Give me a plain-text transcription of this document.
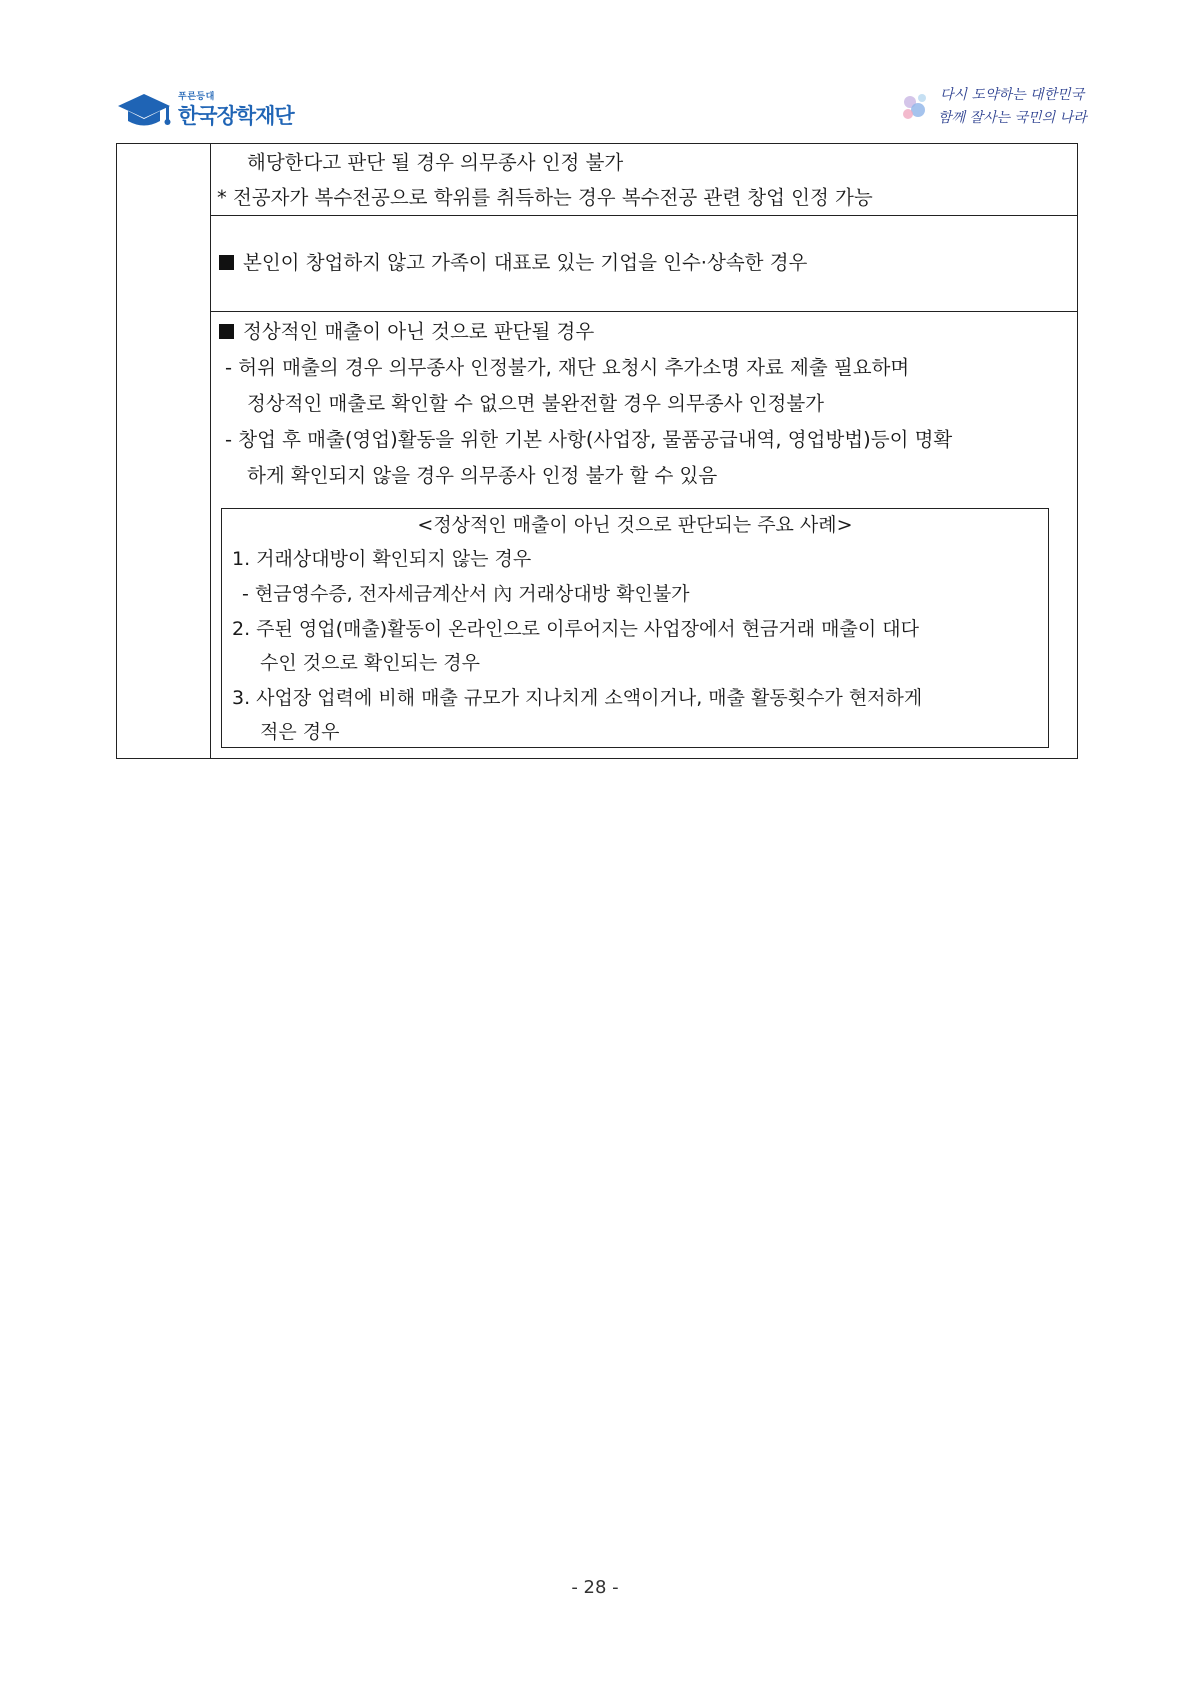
푸른등대
한국장학재단
다시 도약하는 대한민국
함께 잘사는 국민의 나라
해당한다고 판단 될 경우 의무종사 인정 불가
* 전공자가 복수전공으로 학위를 취득하는 경우 복수전공 관련 창업 인정 가능
본인이 창업하지 않고 가족이 대표로 있는 기업을 인수·상속한 경우
정상적인 매출이 아닌 것으로 판단될 경우
- 허위 매출의 경우 의무종사 인정불가, 재단 요청시 추가소명 자료 제출 필요하며
정상적인 매출로 확인할 수 없으면 불완전할 경우 의무종사 인정불가
- 창업 후 매출(영업)활동을 위한 기본 사항(사업장, 물품공급내역, 영업방법)등이 명확
하게 확인되지 않을 경우 의무종사 인정 불가 할 수 있음
<정상적인 매출이 아닌 것으로 판단되는 주요 사례>
1. 거래상대방이 확인되지 않는 경우
- 현금영수증, 전자세금계산서 內 거래상대방 확인불가
2. 주된 영업(매출)활동이 온라인으로 이루어지는 사업장에서 현금거래 매출이 대다
수인 것으로 확인되는 경우
3. 사업장 업력에 비해 매출 규모가 지나치게 소액이거나, 매출 활동횟수가 현저하게
적은 경우
- 28 -
